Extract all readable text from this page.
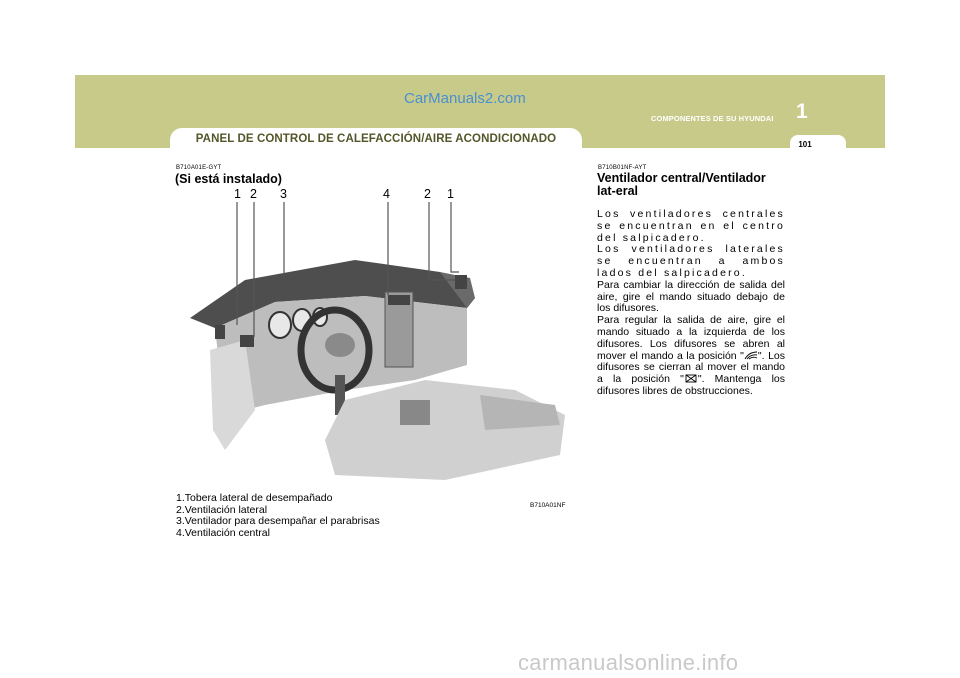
PANEL DE CONTROL DE CALEFACCIÓN/AIRE ACONDICIONADO
CarManuals2.com
1
COMPONENTES DE SU HYUNDAI
101
B710A01E-GYT
(Si está instalado)
1 2 3	4	2 1
B710A01NF
1.Tobera lateral de desempañado
2.Ventilación lateral
3.Ventilador para desempañar el parabrisas
4.Ventilación central
B710B01NF-AYT
Ventilador central/Ventilador lat-eral

Los ventiladores centrales se encuentran en el centro del salpicadero.

Los ventiladores laterales se encuentran a ambos lados del salpicadero.

Para cambiar la dirección de salida del aire, gire el mando situado debajo de los difusores.

Para regular la salida de aire, gire el mando situado a la izquierda de los difusores. Los difusores se abren al mover el mando a la posición " ". Los difusores se cierran al mover el mando a la posición " ". Mantenga los difusores libres de obstrucciones.

carmanualsonline.info
